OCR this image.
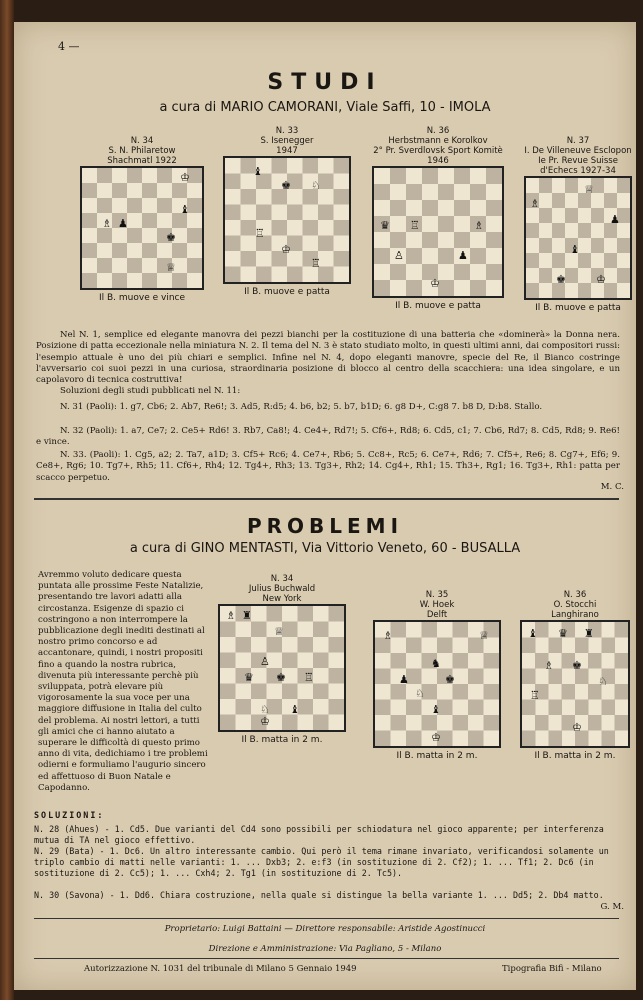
4 —
STUDI
a cura di MARIO CAMORANI, Viale Saffi, 10 - IMOLA
N. 34
S. N. Philaretow
Shachmatl 1922
♔
♗ ♟
♚
♕
♝
Il B. muove e vince
N. 33
S. Isenegger
1947
♝
♚ ♘
♖
♔
♖
Il B. muove e patta
N. 36
Herbstmann e Korolkov
2° Pr. Sverdlovsk Sport Komitè 1946
♛ ♖
♙
♔
♗
♟
Il B. muove e patta
N. 37
I. De Villeneuve Esclopon
Ie Pr. Revue Suisse d'Echecs 1927-34
♗
♕
♝
♟
♚	♔
Il B. muove e patta
Nel N. 1, semplice ed elegante manovra dei pezzi bianchi per la costituzione di una batteria che «dominerà» la Donna nera. Posizione di patta eccezionale nella miniatura N. 2. Il tema del N. 3 è stato studiato molto, in questi ultimi anni, dai compositori russi: l'esempio attuale è uno dei più chiari e semplici. Infine nel N. 4, dopo eleganti manovre, specie del Re, il Bianco costringe l'avversario coi suoi pezzi in una curiosa, straordinaria posizione di blocco al centro della scacchiera: una idea singolare, e un capolavoro di tecnica costruttiva!
Soluzioni degli studi pubblicati nel N. 11:
N. 31 (Paoli): 1. g7, Cb6; 2. Ab7, Re6!; 3. Ad5, R:d5; 4. b6, b2; 5. b7, b1D; 6. g8 D+, C:g8 7. b8 D, D:b8. Stallo.
N. 32 (Paoli): 1. a7, Ce7; 2. Ce5+ Rd6! 3. Rb7, Ca8!; 4. Ce4+, Rd7!; 5. Cf6+, Rd8; 6. Cd5, c1; 7. Cb6, Rd7; 8. Cd5, Rd8; 9. Re6! e vince.
N. 33. (Paoli): 1. Cg5, a2; 2. Ta7, a1D; 3. Cf5+ Rc6; 4. Ce7+, Rb6; 5. Cc8+, Rc5; 6. Ce7+, Rd6; 7. Cf5+, Re6; 8. Cg7+, Ef6; 9. Ce8+, Rg6; 10. Tg7+, Rh5; 11. Cf6+, Rh4; 12. Tg4+, Rh3; 13. Tg3+, Rh2; 14. Cg4+, Rh1; 15. Th3+, Rg1; 16. Tg3+, Rh1: patta per scacco perpetuo.
M. C.
PROBLEMI
a cura di GINO MENTASTI, Via Vittorio Veneto, 60 - BUSALLA
Avremmo voluto dedicare questa puntata alle prossime Feste Natalizie, presentando tre lavori adatti alla circostanza. Esigenze di spazio ci costringono a non interrompere la pubblicazione degli inediti destinati al nostro primo concorso e ad accantonare, quindi, i nostri propositi fino a quando la nostra rubrica, divenuta più interessante perchè più sviluppata, potrà elevare più vigorosamente la sua voce per una maggiore diffusione in Italia del culto del problema. Ai nostri lettori, a tutti gli amici che ci hanno aiutato a superare le difficoltà di questo primo anno di vita, dedichiamo i tre problemi odierni e formuliamo l'augurio sincero ed affettuoso di Buon Natale e Capodanno.
N. 34
Julius Buchwald
New York
♗ ♜
♕
♙
♛ ♚ ♖
♘ ♝
♔
Il B. matta in 2 m.
N. 35
W. Hoek
Delft
♗	♕
♟
♞
♚
♘
♝
♔
Il B. matta in 2 m.
N. 36
O. Stocchi
Langhirano
♝ ♛ ♜
♗ ♚
♖
♘
♔
Il B. matta in 2 m.
SOLUZIONI:
N. 28 (Ahues) - 1. Cd5. Due varianti del Cd4 sono possibili per schiodatura nel gioco apparente; per interferenza mutua di TA nel gioco effettivo.
N. 29 (Bata) - 1. Dc6. Un altro interessante cambio. Qui però il tema rimane invariato, verificandosi solamente un triplo cambio di matti nelle varianti: 1. ... Dxb3; 2. e:f3 (in sostituzione di 2. Cf2); 1. ... Tf1; 2. Dc6 (in sostituzione di 2. Cc5); 1. ... Cxh4; 2. Tg1 (in sostituzione di 2. Tc5).
N. 30 (Savona) - 1. Dd6. Chiara costruzione, nella quale si distingue la bella variante 1. ... Dd5; 2. Db4 matto.
G. M.
Proprietario: Luigi Battaini — Direttore responsabile: Aristide Agostinucci
Direzione e Amministrazione: Via Pagliano, 5 - Milano
Autorizzazione N. 1031 del tribunale di Milano 5 Gennaio 1949	Tipografia Bifi - Milano
